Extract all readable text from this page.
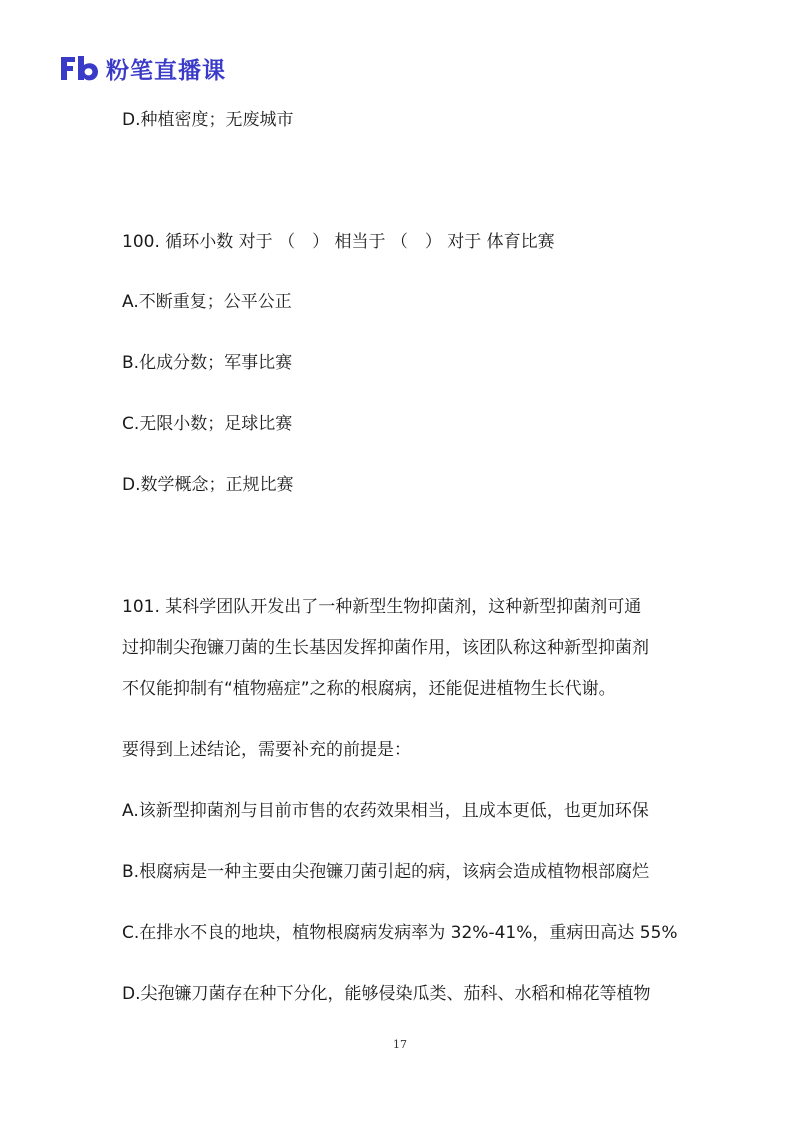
粉笔直播课
D.种植密度；无废城市
100. 循环小数 对于 （　） 相当于 （　） 对于 体育比赛
A.不断重复；公平公正
B.化成分数；军事比赛
C.无限小数；足球比赛
D.数学概念；正规比赛
101. 某科学团队开发出了一种新型生物抑菌剂，这种新型抑菌剂可通
过抑制尖孢镰刀菌的生长基因发挥抑菌作用，该团队称这种新型抑菌剂
不仅能抑制有“植物癌症”之称的根腐病，还能促进植物生长代谢。
要得到上述结论，需要补充的前提是：
A.该新型抑菌剂与目前市售的农药效果相当，且成本更低，也更加环保
B.根腐病是一种主要由尖孢镰刀菌引起的病，该病会造成植物根部腐烂
C.在排水不良的地块，植物根腐病发病率为 32%-41%，重病田高达 55%
D.尖孢镰刀菌存在种下分化，能够侵染瓜类、茄科、水稻和棉花等植物
17
